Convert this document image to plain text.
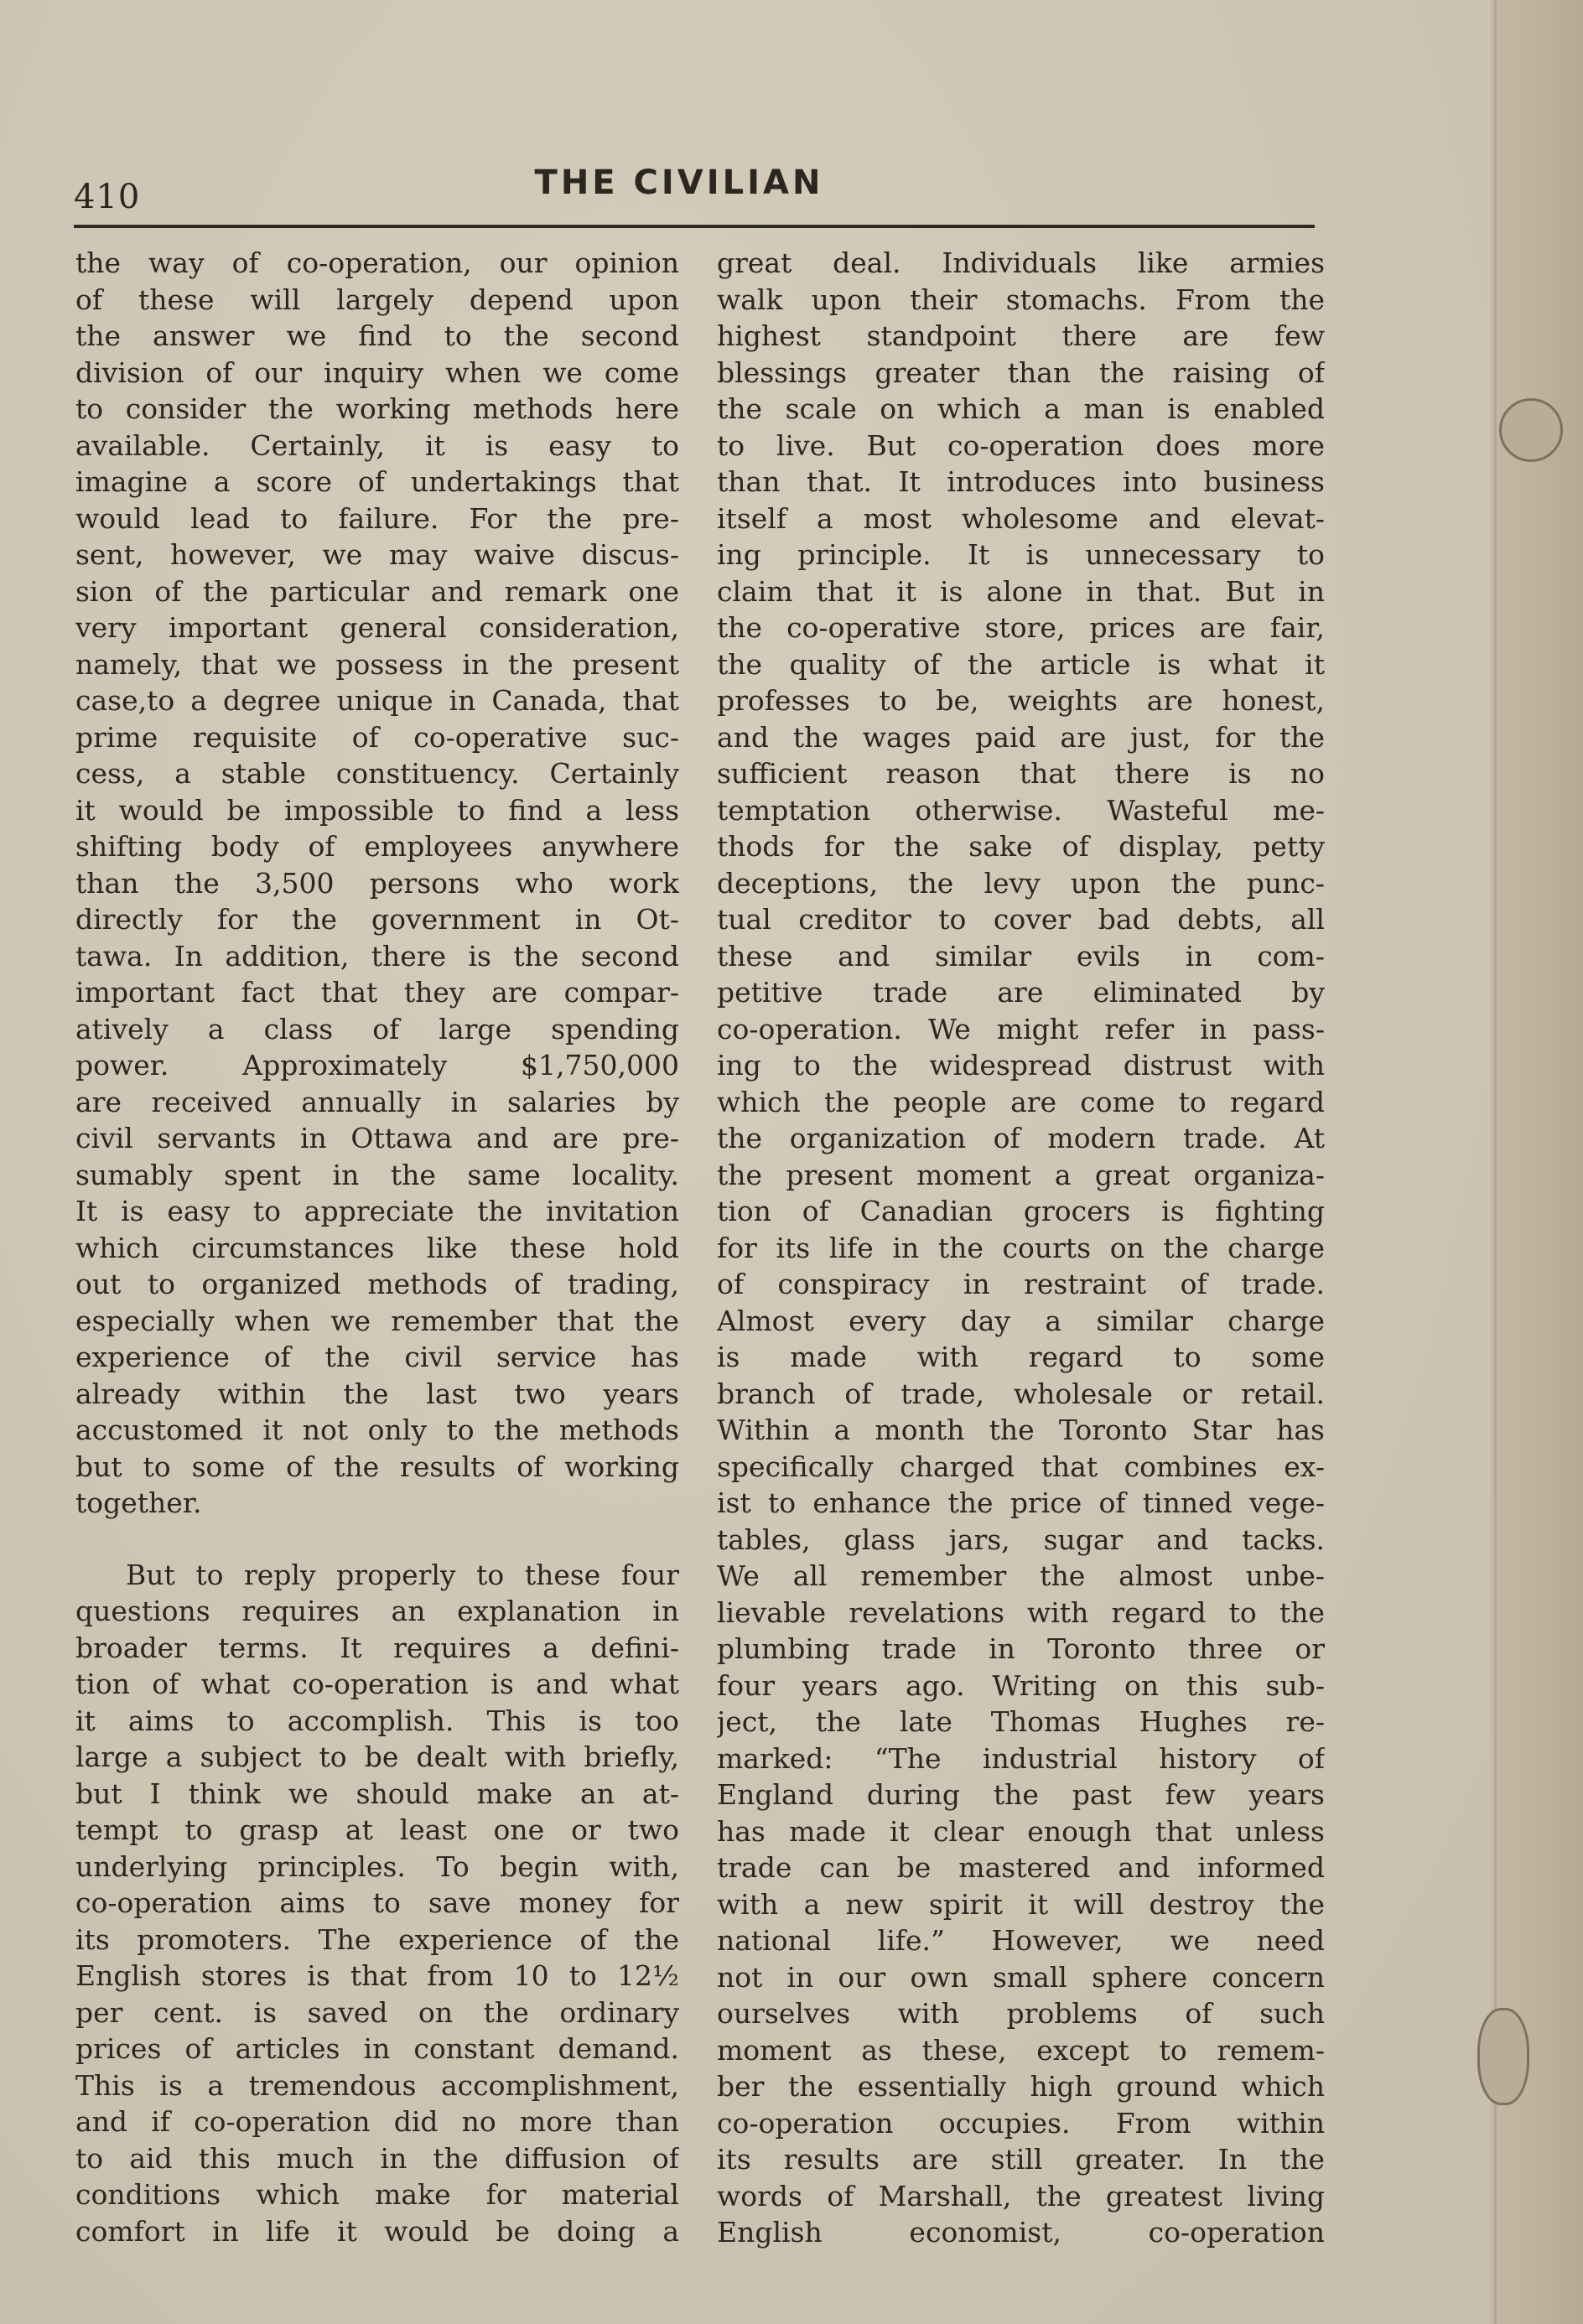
410	THE CIVILIAN
the way of co-operation, our opinion
of these will largely depend upon
the answer we find to the second
division of our inquiry when we come
to consider the working methods here
available. Certainly, it is easy to
imagine a score of undertakings that
would lead to failure. For the pre-
sent, however, we may waive discus-
sion of the particular and remark one
very important general consideration,
namely, that we possess in the present
case,to a degree unique in Canada, that
prime requisite of co-operative suc-
cess, a stable constituency. Certainly
it would be impossible to find a less
shifting body of employees anywhere
than the 3,500 persons who work
directly for the government in Ot-
tawa. In addition, there is the second
important fact that they are compar-
atively a class of large spending
power. Approximately $1,750,000
are received annually in salaries by
civil servants in Ottawa and are pre-
sumably spent in the same locality.
It is easy to appreciate the invitation
which circumstances like these hold
out to organized methods of trading,
especially when we remember that the
experience of the civil service has
already within the last two years
accustomed it not only to the methods
but to some of the results of working
together.
But to reply properly to these four
questions requires an explanation in
broader terms. It requires a defini-
tion of what co-operation is and what
it aims to accomplish. This is too
large a subject to be dealt with briefly,
but I think we should make an at-
tempt to grasp at least one or two
underlying principles. To begin with,
co-operation aims to save money for
its promoters. The experience of the
English stores is that from 10 to 12½
per cent. is saved on the ordinary
prices of articles in constant demand.
This is a tremendous accomplishment,
and if co-operation did no more than
to aid this much in the diffusion of
conditions which make for material
comfort in life it would be doing a
great deal. Individuals like armies
walk upon their stomachs. From the
highest standpoint there are few
blessings greater than the raising of
the scale on which a man is enabled
to live. But co-operation does more
than that. It introduces into business
itself a most wholesome and elevat-
ing principle. It is unnecessary to
claim that it is alone in that. But in
the co-operative store, prices are fair,
the quality of the article is what it
professes to be, weights are honest,
and the wages paid are just, for the
sufficient reason that there is no
temptation otherwise. Wasteful me-
thods for the sake of display, petty
deceptions, the levy upon the punc-
tual creditor to cover bad debts, all
these and similar evils in com-
petitive trade are eliminated by
co-operation. We might refer in pass-
ing to the widespread distrust with
which the people are come to regard
the organization of modern trade. At
the present moment a great organiza-
tion of Canadian grocers is fighting
for its life in the courts on the charge
of conspiracy in restraint of trade.
Almost every day a similar charge
is made with regard to some
branch of trade, wholesale or retail.
Within a month the Toronto Star has
specifically charged that combines ex-
ist to enhance the price of tinned vege-
tables, glass jars, sugar and tacks.
We all remember the almost unbe-
lievable revelations with regard to the
plumbing trade in Toronto three or
four years ago. Writing on this sub-
ject, the late Thomas Hughes re-
marked: “The industrial history of
England during the past few years
has made it clear enough that unless
trade can be mastered and informed
with a new spirit it will destroy the
national life.” However, we need
not in our own small sphere concern
ourselves with problems of such
moment as these, except to remem-
ber the essentially high ground which
co-operation occupies. From within
its results are still greater. In the
words of Marshall, the greatest living
English economist, co-operation
